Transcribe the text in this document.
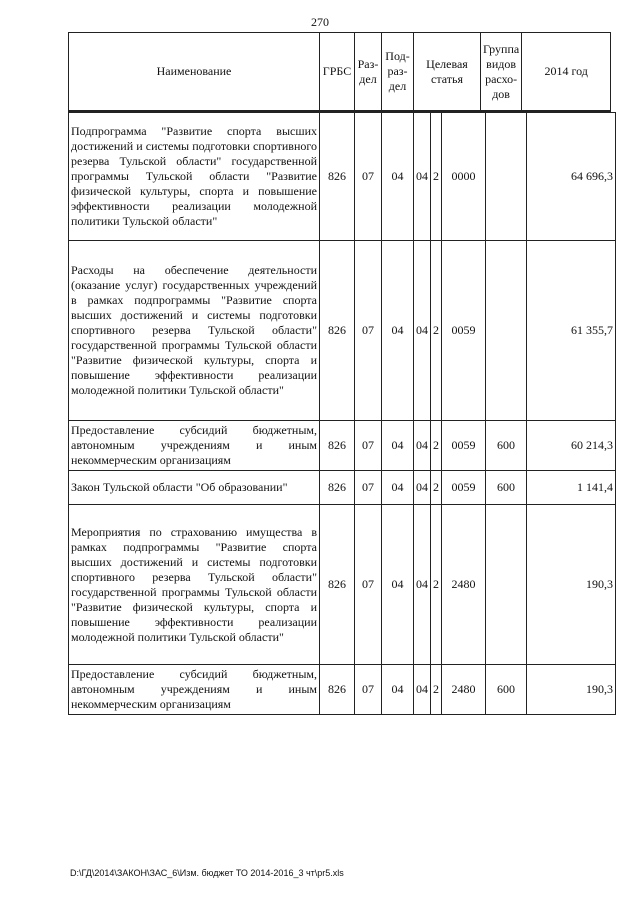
270
Наименование	ГРБС	Раз- дел	Под- раз- дел	Целевая статья				Группа видов расхо- дов	2014 год

Подпрограмма "Развитие спорта высших достижений и системы подготовки спортивного резерва Тульской области" государственной программы Тульской области "Развитие физической культуры, спорта и повышение эффективности реализации молодежной политики Тульской области"	826	07	04	04	2	0000		64 696,3

Расходы на обеспечение деятельности (оказание услуг) государственных учреждений в рамках подпрограммы "Развитие спорта высших достижений и системы подготовки спортивного резерва Тульской области" государственной программы Тульской области "Развитие физической культуры, спорта и повышение эффективности реализации молодежной политики Тульской области"	826	07	04	04	2	0059		61 355,7

Предоставление субсидий бюджетным, автономным учреждениям и иным некоммерческим организациям	826	07	04	04	2	0059	600	60 214,3

Закон Тульской области "Об образовании"	826	07	04	04	2	0059	600	1 141,4

Мероприятия по страхованию имущества в рамках подпрограммы "Развитие спорта высших достижений и системы подготовки спортивного резерва Тульской области" государственной программы Тульской области "Развитие физической культуры, спорта и повышение эффективности реализации молодежной политики Тульской области"	826	07	04	04	2	2480		190,3

Предоставление субсидий бюджетным, автономным учреждениям и иным некоммерческим организациям	826	07	04	04	2	2480	600	190,3
D:\ГД\2014\ЗАКОН\ЗАС_6\Изм. бюджет ТО 2014-2016_3 чт\pr5.xls
